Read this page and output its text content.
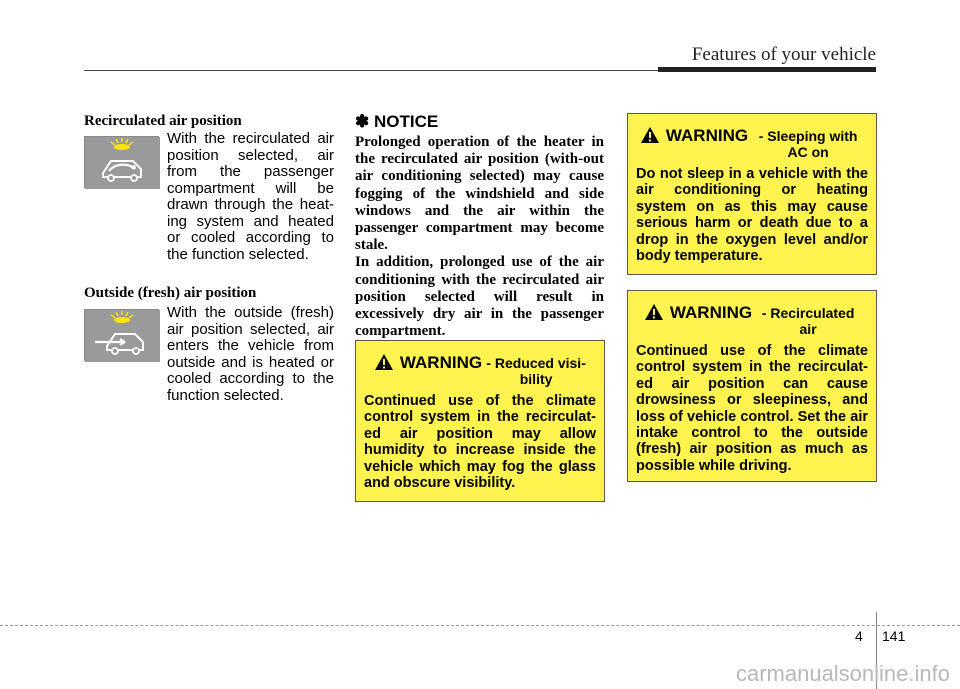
Features of your vehicle
Recirculated air position
With the recirculated air position selected, air from the passenger compartment will be drawn through the heat-ing system and heated or cooled according to the function selected.
Outside (fresh) air position
With the outside (fresh) air position selected, air enters the vehicle from outside and is heated or cooled according to the function selected.
✽ NOTICE
Prolonged operation of the heater in the recirculated air position (with-out air conditioning selected) may cause fogging of the windshield and side windows and the air within the passenger compartment may become stale.
In addition, prolonged use of the air conditioning with the recirculated air position selected will result in excessively dry air in the passenger compartment.
WARNING - Reduced visi-bility
Continued use of the climate control system in the recirculat-ed air position may allow humidity to increase inside the vehicle which may fog the glass and obscure visibility.
WARNING - Sleeping with AC on
Do not sleep in a vehicle with the air conditioning or heating system on as this may cause serious harm or death due to a drop in the oxygen level and/or body temperature.
WARNING - Recirculated air
Continued use of the climate control system in the recirculat-ed air position can cause drowsiness or sleepiness, and loss of vehicle control. Set the air intake control to the outside (fresh) air position as much as possible while driving.
4 141
carmanualsonline.info
